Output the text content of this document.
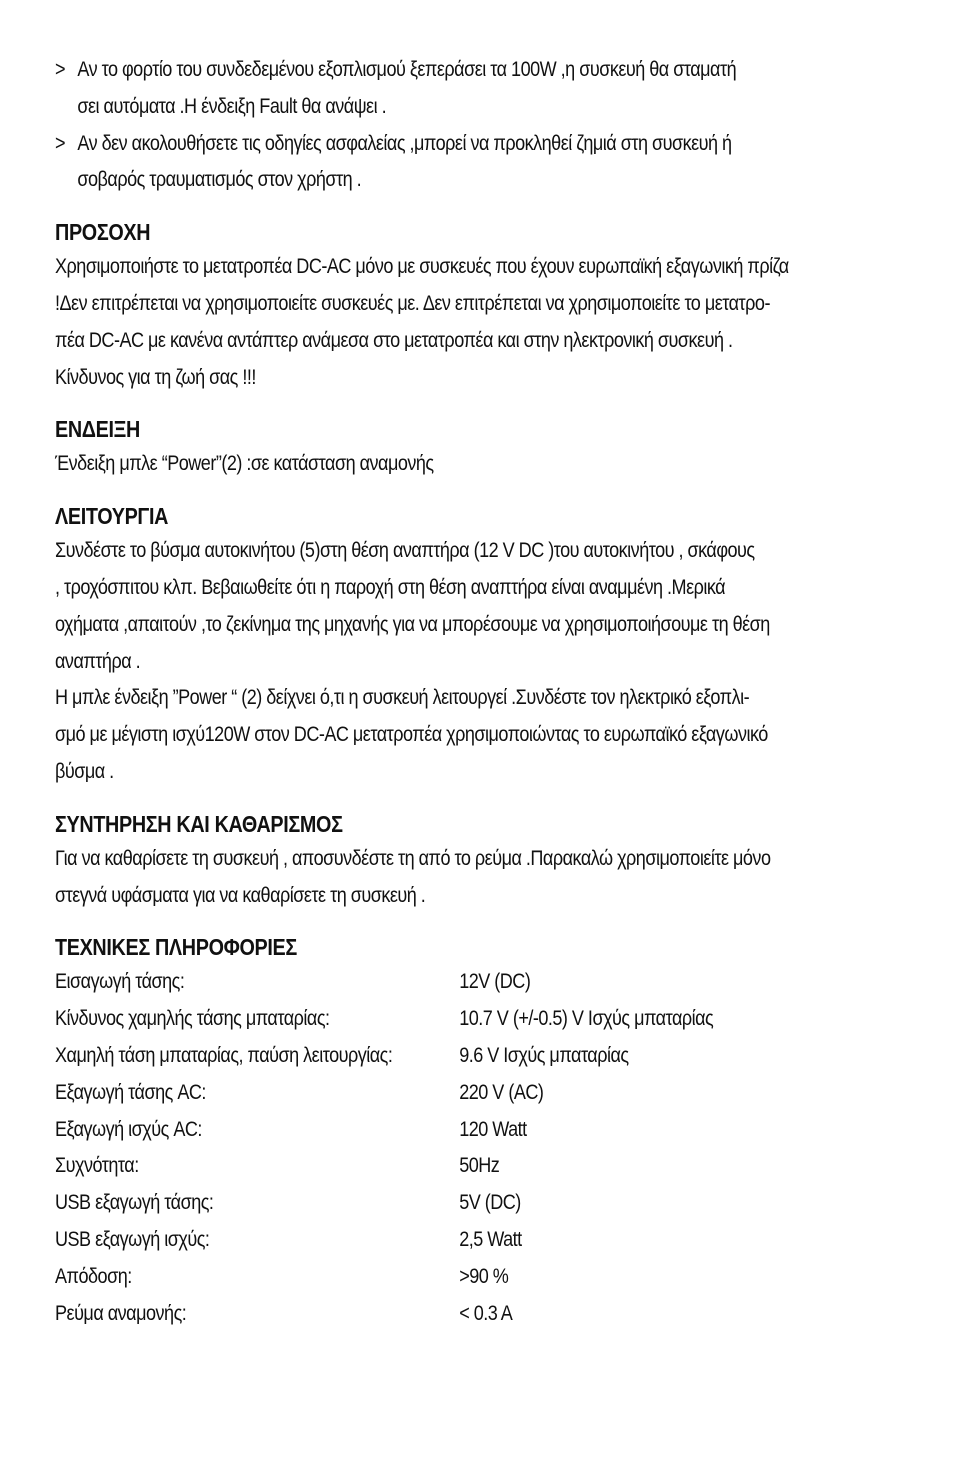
> Αν το φορτίο του συνδεδεμένου εξοπλισμού ξεπεράσει τα 100W ,η συσκευή θα σταματή
σει αυτόματα .Η ένδειξη Fault θα ανάψει .
> Αν δεν ακολουθήσετε τις οδηγίες ασφαλείας ,μπορεί να προκληθεί ζημιά στη συσκευή ή
σοβαρός τραυματισμός στον χρήστη .
ΠΡΟΣΟΧΗ
Χρησιμοποιήστε το μετατροπέα DC-AC μόνο με συσκευές που έχουν ευρωπαϊκή εξαγωνική πρίζα
!Δεν επιτρέπεται να χρησιμοποιείτε συσκευές με. Δεν επιτρέπεται να χρησιμοποιείτε το μετατρο-
πέα DC-AC με κανένα αντάπτερ ανάμεσα στο μετατροπέα και στην ηλεκτρονική συσκευή .
Κίνδυνος για τη ζωή σας !!!
ΕΝΔΕΙΞΗ
Ένδειξη μπλε “Power”(2) :σε κατάσταση αναμονής
ΛΕΙΤΟΥΡΓΙΑ
Συνδέστε το βύσμα αυτοκινήτου (5)στη θέση αναπτήρα (12 V DC )του αυτοκινήτου , σκάφους
, τροχόσπιτου κλπ. Βεβαιωθείτε ότι η παροχή στη θέση αναπτήρα είναι αναμμένη .Μερικά
οχήματα ,απαιτούν ,το ζεκίνημα της μηχανής για να μπορέσουμε να χρησιμοποιήσουμε τη θέση
αναπτήρα .
Η μπλε ένδειξη ”Power “ (2) δείχνει ό,τι η συσκευή λειτουργεί .Συνδέστε τον ηλεκτρικό εξοπλι-
σμό με μέγιστη ισχύ120W στον DC-AC μετατροπέα χρησιμοποιώντας το ευρωπαϊκό εξαγωνικό
βύσμα .
ΣΥΝΤΗΡΗΣΗ ΚΑΙ ΚΑΘΑΡΙΣΜΟΣ
Για να καθαρίσετε τη συσκευή , αποσυνδέστε τη από το ρεύμα .Παρακαλώ χρησιμοποιείτε μόνο
στεγνά υφάσματα για να καθαρίσετε τη συσκευή .
ΤΕΧΝΙΚΕΣ ΠΛΗΡΟΦΟΡΙΕΣ
Εισαγωγή τάσης:	12V (DC)
Κίνδυνος χαμηλής τάσης μπαταρίας:	10.7 V (+/-0.5) V Ισχύς μπαταρίας
Χαμηλή τάση μπαταρίας, παύση λειτουργίας:	9.6 V Ισχύς μπαταρίας
Εξαγωγή τάσης AC:	220 V (AC)
Εξαγωγή ισχύς AC:	120 Watt
Συχνότητα:	50Hz
USB εξαγωγή τάσης:	5V (DC)
USB εξαγωγή ισχύς:	2,5 Watt
Απόδοση:	>90 %
Ρεύμα αναμονής:	< 0.3 A
